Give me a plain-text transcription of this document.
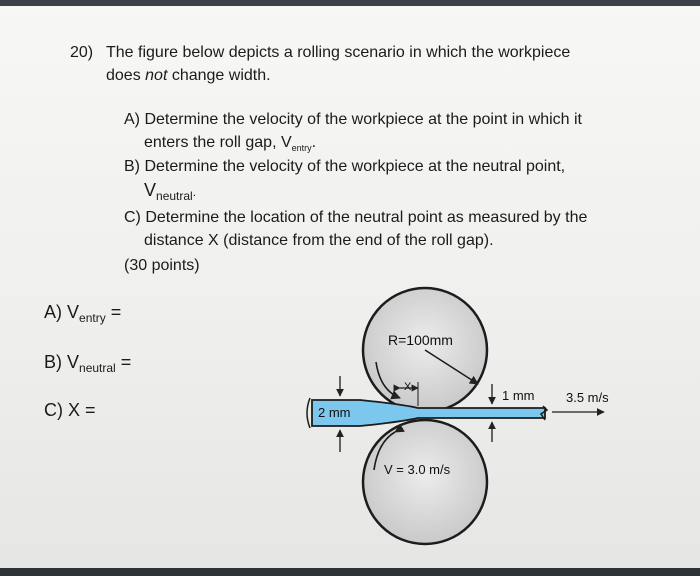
20) The figure below depicts a rolling scenario in which the workpiece
does not change width.
A) Determine the velocity of the workpiece at the point in which it
enters the roll gap, $V_{entry}$.
B) Determine the velocity of the workpiece at the neutral point,
$V_{neutral}$.
C) Determine the location of the neutral point as measured by the
distance X (distance from the end of the roll gap).
(30 points)
A) $V_{entry}$ =
B) $V_{neutral}$ =
C) X =
R=100mm
X
1 mm 3.5 m/s
2 mm
V = 3.0 m/s
